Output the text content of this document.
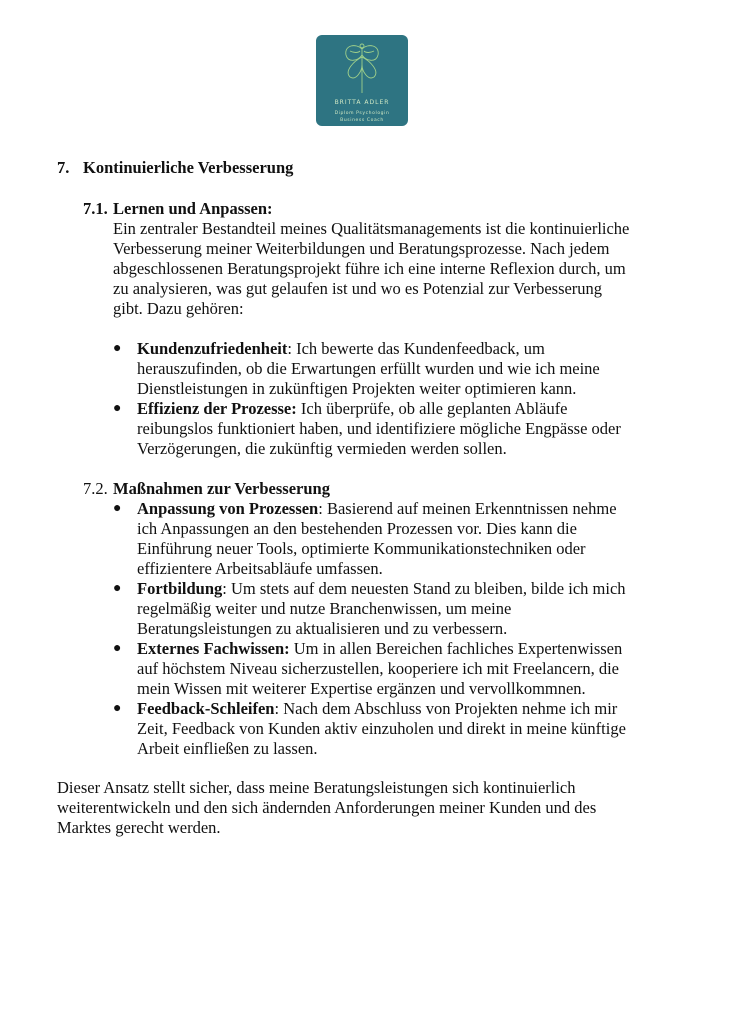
BRITTA ADLER
Diplom Psychologin
Business Coach
7. Kontinuierliche Verbesserung
7.1. Lernen und Anpassen:

Ein zentraler Bestandteil meines Qualitätsmanagements ist die kontinuierliche

Verbesserung meiner Weiterbildungen und Beratungsprozesse. Nach jedem

abgeschlossenen Beratungsprojekt führe ich eine interne Reflexion durch, um

zu analysieren, was gut gelaufen ist und wo es Potenzial zur Verbesserung

gibt. Dazu gehören:

● Kundenzufriedenheit: Ich bewerte das Kundenfeedback, um
herauszufinden, ob die Erwartungen erfüllt wurden und wie ich meine
Dienstleistungen in zukünftigen Projekten weiter optimieren kann.
● Effizienz der Prozesse: Ich überprüfe, ob alle geplanten Abläufe
reibungslos funktioniert haben, und identifiziere mögliche Engpässe oder
Verzögerungen, die zukünftig vermieden werden sollen.
7.2. Maßnahmen zur Verbesserung
● Anpassung von Prozessen: Basierend auf meinen Erkenntnissen nehme
ich Anpassungen an den bestehenden Prozessen vor. Dies kann die
Einführung neuer Tools, optimierte Kommunikationstechniken oder
effizientere Arbeitsabläufe umfassen.
● Fortbildung: Um stets auf dem neuesten Stand zu bleiben, bilde ich mich
regelmäßig weiter und nutze Branchenwissen, um meine
Beratungsleistungen zu aktualisieren und zu verbessern.
● Externes Fachwissen: Um in allen Bereichen fachliches Expertenwissen
auf höchstem Niveau sicherzustellen, kooperiere ich mit Freelancern, die
mein Wissen mit weiterer Expertise ergänzen und vervollkommnen.
● Feedback-Schleifen: Nach dem Abschluss von Projekten nehme ich mir
Zeit, Feedback von Kunden aktiv einzuholen und direkt in meine künftige
Arbeit einfließen zu lassen.

Dieser Ansatz stellt sicher, dass meine Beratungsleistungen sich kontinuierlich

weiterentwickeln und den sich ändernden Anforderungen meiner Kunden und des

Marktes gerecht werden.
